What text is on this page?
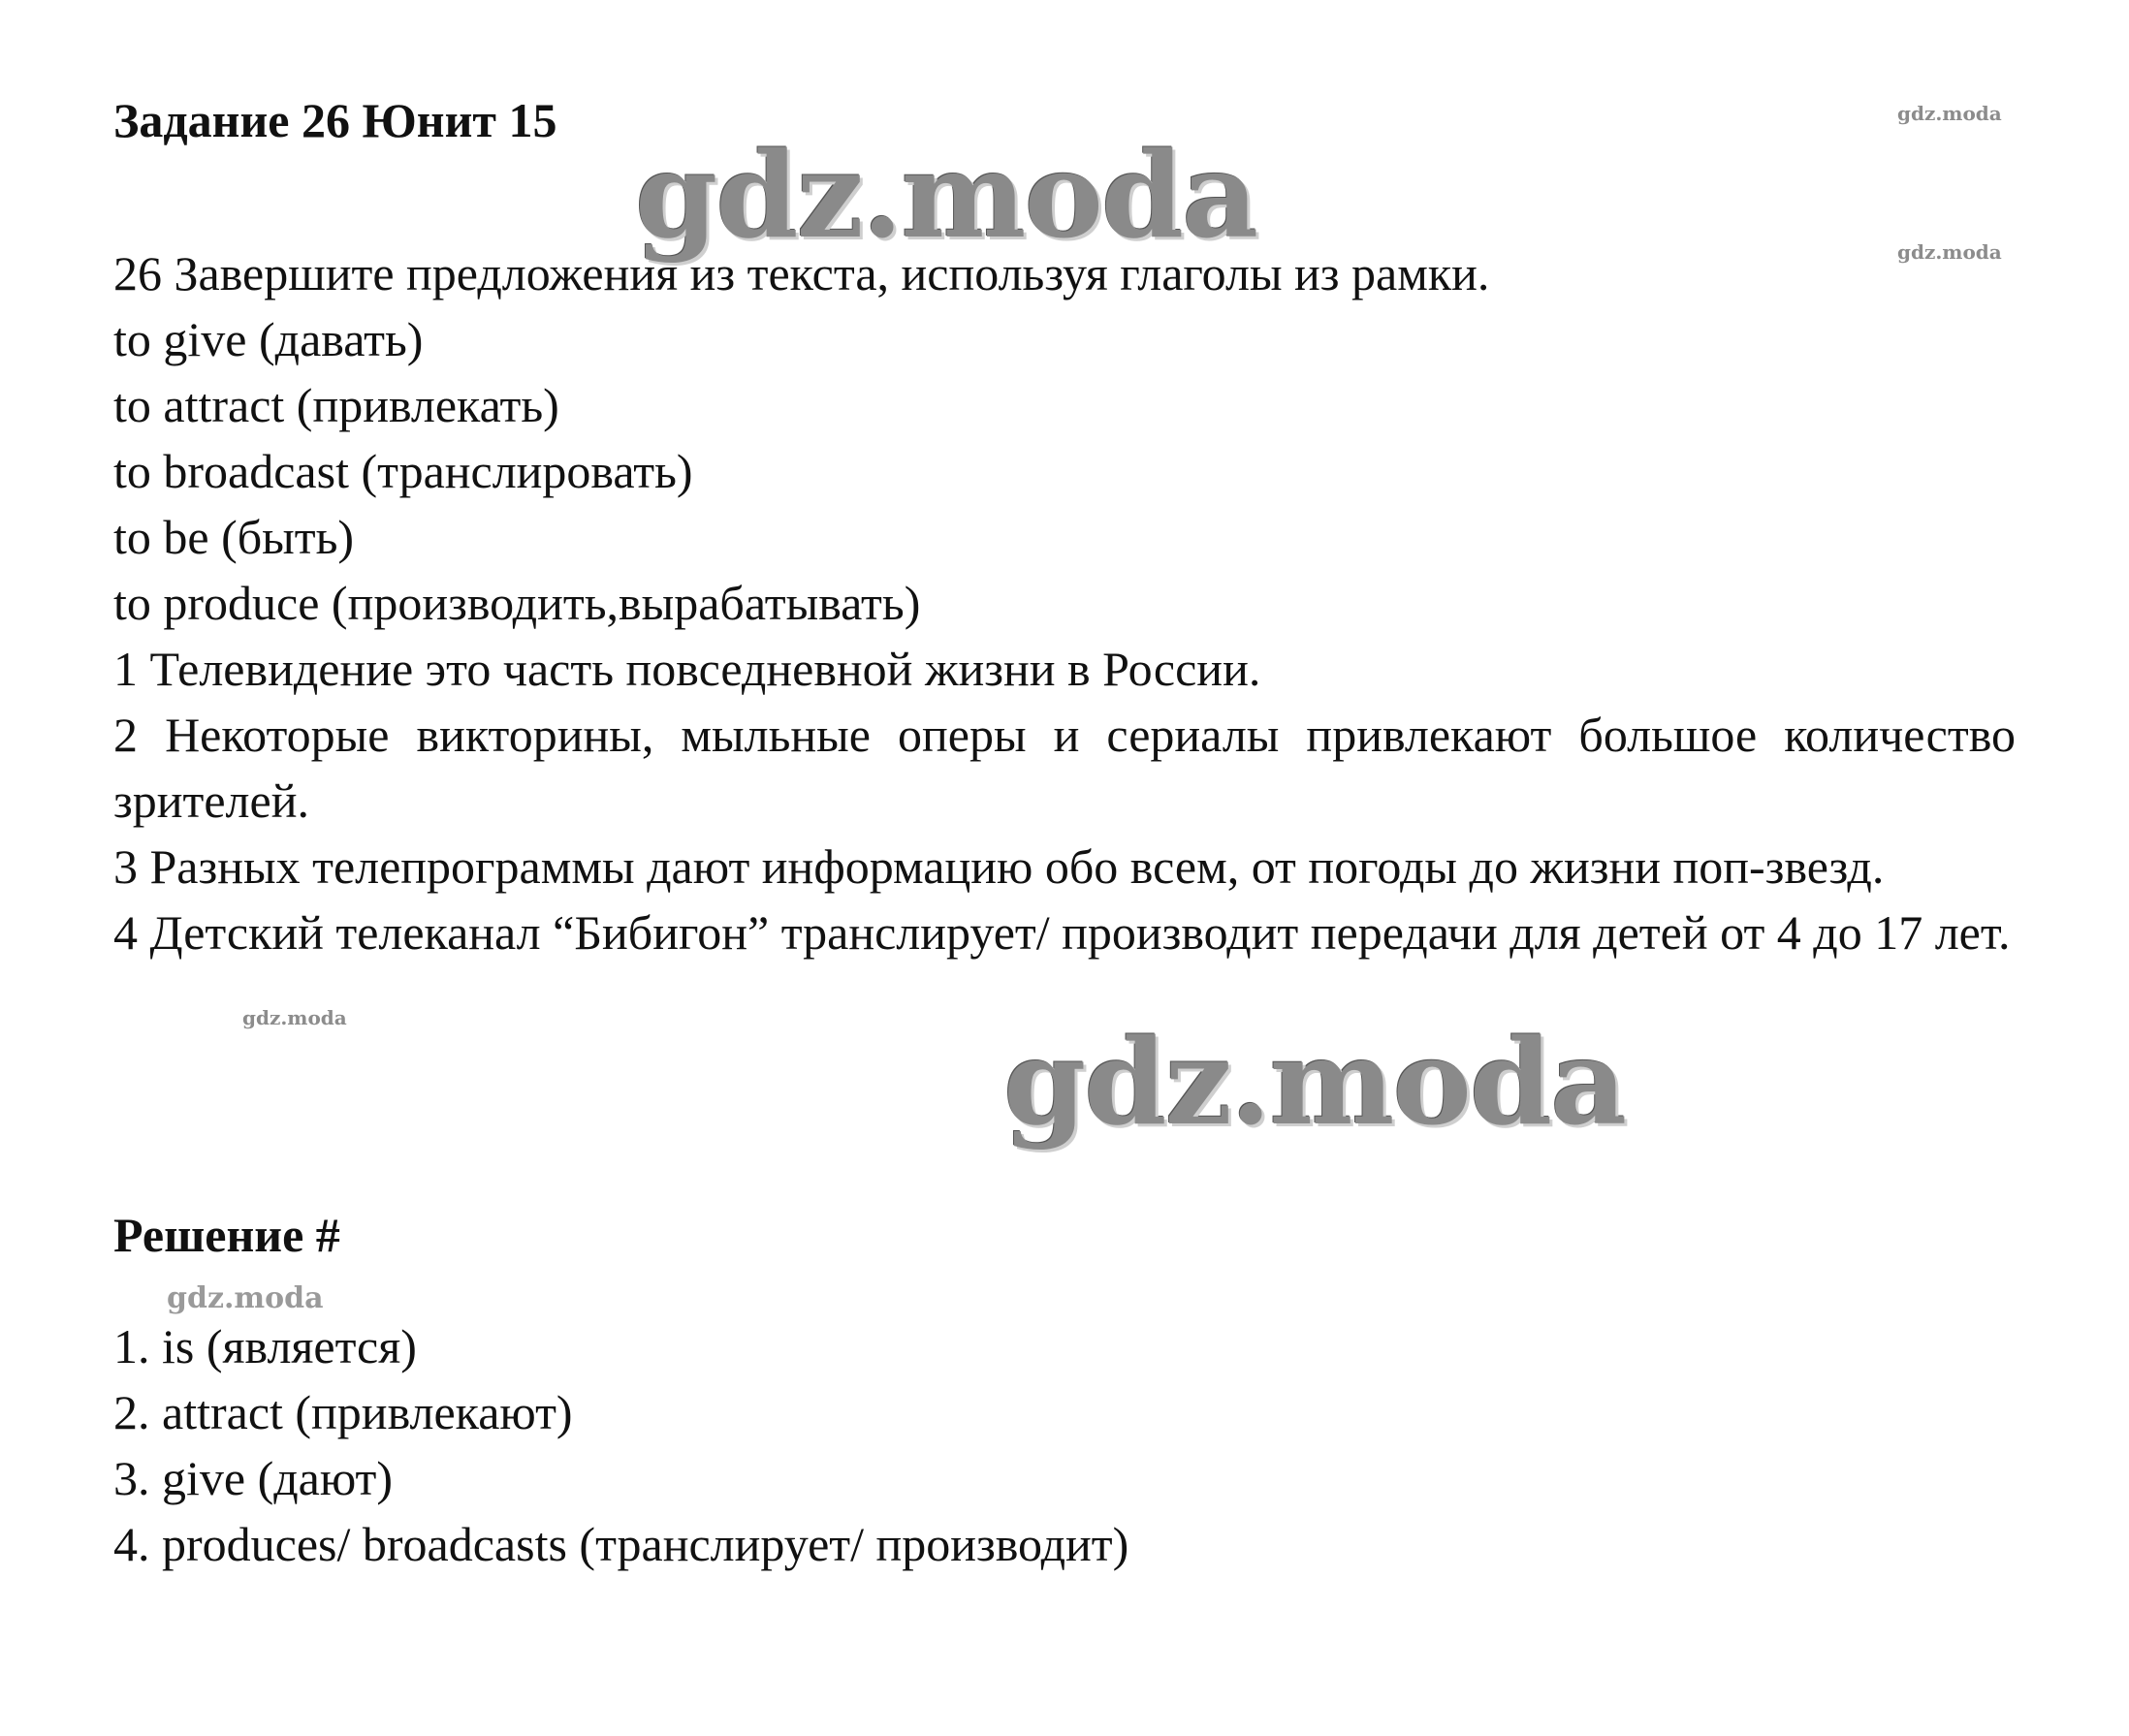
Задание 26 Юнит 15
26 Завершите предложения из текста, используя глаголы из рамки.
to give (давать)
to attract (привлекать)
to broadcast (транслировать)
to be (быть)
to produce (производить,вырабатывать)
1 Телевидение это часть повседневной жизни в России.
2 Некоторые викторины, мыльные оперы и сериалы привлекают большое количество зрителей.
3 Разных телепрограммы дают информацию обо всем, от погоды до жизни поп-звезд.
4 Детский телеканал “Бибигон” транслирует/ производит передачи для детей от 4 до 17 лет.
Решение #
1. is (является)
2. attract (привлекают)
3. give (дают)
4. produces/ broadcasts (транслирует/ производит)
gdz.moda
gdz.moda
gdz.moda
gdz.moda
gdz.moda
gdz.moda
